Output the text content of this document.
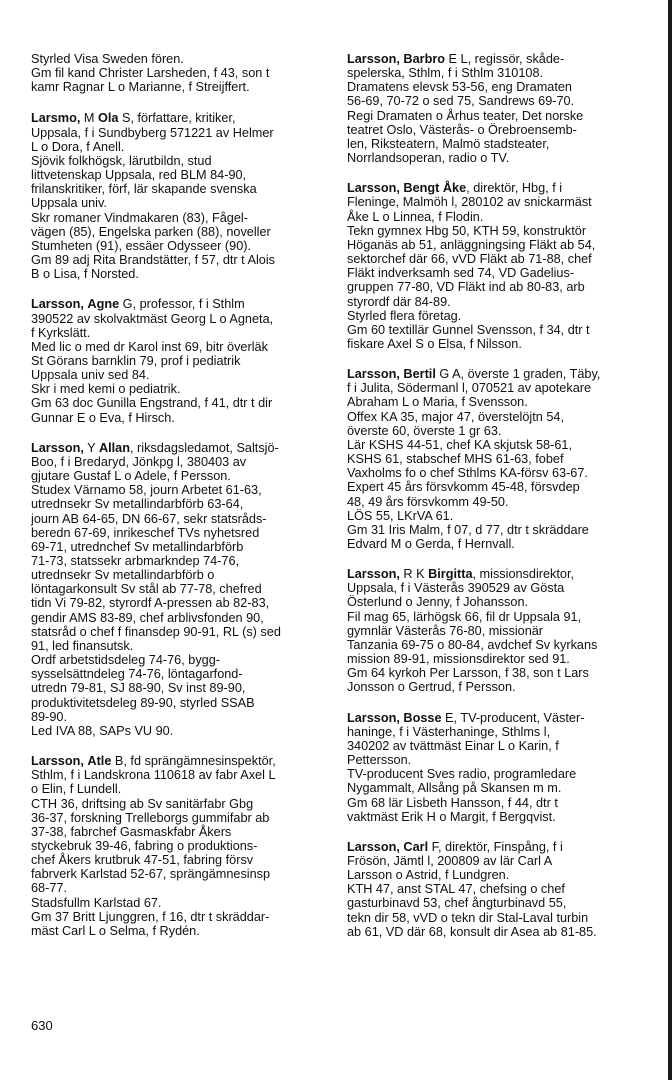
Styrled Visa Sweden fören.
Gm fil kand Christer Larsheden, f 43, son t
kamr Ragnar L o Marianne, f Streijffert.
Larsmo, M Ola S, författare, kritiker,
Uppsala, f i Sundbyberg 571221 av Helmer
L o Dora, f Anell.
Sjövik folkhögsk, lärutbildn, stud
littvetenskap Uppsala, red BLM 84-90,
frilanskritiker, förf, lär skapande svenska
Uppsala univ.
Skr romaner Vindmakaren (83), Fågel-
vägen (85), Engelska parken (88), noveller
Stumheten (91), essäer Odysseer (90).
Gm 89 adj Rita Brandstätter, f 57, dtr t Alois
B o Lisa, f Norsted.
Larsson, Agne G, professor, f i Sthlm
390522 av skolvaktmäst Georg L o Agneta,
f Kyrkslätt.
Med lic o med dr Karol inst 69, bitr överläk
St Görans barnklin 79, prof i pediatrik
Uppsala univ sed 84.
Skr i med kemi o pediatrik.
Gm 63 doc Gunilla Engstrand, f 41, dtr t dir
Gunnar E o Eva, f Hirsch.
Larsson, Y Allan, riksdagsledamot, Saltsjö-
Boo, f i Bredaryd, Jönkpg l, 380403 av
gjutare Gustaf L o Adele, f Persson.
Studex Värnamo 58, journ Arbetet 61-63,
utrednsekr Sv metallindarbförb 63-64,
journ AB 64-65, DN 66-67, sekr statsråds-
beredn 67-69, inrikeschef TVs nyhetsred
69-71, utrednchef Sv metallindarbförb
71-73, statssekr arbmarkndep 74-76,
utrednsekr Sv metallindarbförb o
löntagarkonsult Sv stål ab 77-78, chefred
tidn Vi 79-82, styrordf A-pressen ab 82-83,
gendir AMS 83-89, chef arblivsfonden 90,
statsråd o chef f finansdep 90-91, RL (s) sed
91, led finansutsk.
Ordf arbetstidsdeleg 74-76, bygg-
sysselsättndeleg 74-76, löntagarfond-
utredn 79-81, SJ 88-90, Sv inst 89-90,
produktivitetsdeleg 89-90, styrled SSAB
89-90.
Led IVA 88, SAPs VU 90.
Larsson, Atle B, fd sprängämnesinspektör,
Sthlm, f i Landskrona 110618 av fabr Axel L
o Elin, f Lundell.
CTH 36, driftsing ab Sv sanitärfabr Gbg
36-37, forskning Trelleborgs gummifabr ab
37-38, fabrchef Gasmaskfabr Åkers
styckebruk 39-46, fabring o produktions-
chef Åkers krutbruk 47-51, fabring försv
fabrverk Karlstad 52-67, sprängämnesinsp
68-77.
Stadsfullm Karlstad 67.
Gm 37 Britt Ljunggren, f 16, dtr t skräddar-
mäst Carl L o Selma, f Rydén.
Larsson, Barbro E L, regissör, skåde-
spelerska, Sthlm, f i Sthlm 310108.
Dramatens elevsk 53-56, eng Dramaten
56-69, 70-72 o sed 75, Sandrews 69-70.
Regi Dramaten o Århus teater, Det norske
teatret Oslo, Västerås- o Örebroensemb-
len, Riksteatern, Malmö stadsteater,
Norrlandsoperan, radio o TV.
Larsson, Bengt Åke, direktör, Hbg, f i
Fleninge, Malmöh l, 280102 av snickarmäst
Åke L o Linnea, f Flodin.
Tekn gymnex Hbg 50, KTH 59, konstruktör
Höganäs ab 51, anläggningsing Fläkt ab 54,
sektorchef där 66, vVD Fläkt ab 71-88, chef
Fläkt indverksamh sed 74, VD Gadelius-
gruppen 77-80, VD Fläkt ind ab 80-83, arb
styrordf där 84-89.
Styrled flera företag.
Gm 60 textillär Gunnel Svensson, f 34, dtr t
fiskare Axel S o Elsa, f Nilsson.
Larsson, Bertil G A, överste 1 graden, Täby,
f i Julita, Södermanl l, 070521 av apotekare
Abraham L o Maria, f Svensson.
Offex KA 35, major 47, överstelöjtn 54,
överste 60, överste 1 gr 63.
Lär KSHS 44-51, chef KA skjutsk 58-61,
KSHS 61, stabschef MHS 61-63, fobef
Vaxholms fo o chef Sthlms KA-försv 63-67.
Expert 45 års försvkomm 45-48, försvdep
48, 49 års försvkomm 49-50.
LÖS 55, LKrVA 61.
Gm 31 Iris Malm, f 07, d 77, dtr t skräddare
Edvard M o Gerda, f Hernvall.
Larsson, R K Birgitta, missionsdirektor,
Uppsala, f i Västerås 390529 av Gösta
Österlund o Jenny, f Johansson.
Fil mag 65, lärhögsk 66, fil dr Uppsala 91,
gymnlär Västerås 76-80, missionär
Tanzania 69-75 o 80-84, avdchef Sv kyrkans
mission 89-91, missionsdirektor sed 91.
Gm 64 kyrkoh Per Larsson, f 38, son t Lars
Jonsson o Gertrud, f Persson.
Larsson, Bosse E, TV-producent, Väster-
haninge, f i Västerhaninge, Sthlms l,
340202 av tvättmäst Einar L o Karin, f
Pettersson.
TV-producent Sves radio, programledare
Nygammalt, Allsång på Skansen m m.
Gm 68 lär Lisbeth Hansson, f 44, dtr t
vaktmäst Erik H o Margit, f Bergqvist.
Larsson, Carl F, direktör, Finspång, f i
Frösön, Jämtl l, 200809 av lär Carl A
Larsson o Astrid, f Lundgren.
KTH 47, anst STAL 47, chefsing o chef
gasturbinavd 53, chef ångturbinavd 55,
tekn dir 58, vVD o tekn dir Stal-Laval turbin
ab 61, VD där 68, konsult dir Asea ab 81-85.
630
